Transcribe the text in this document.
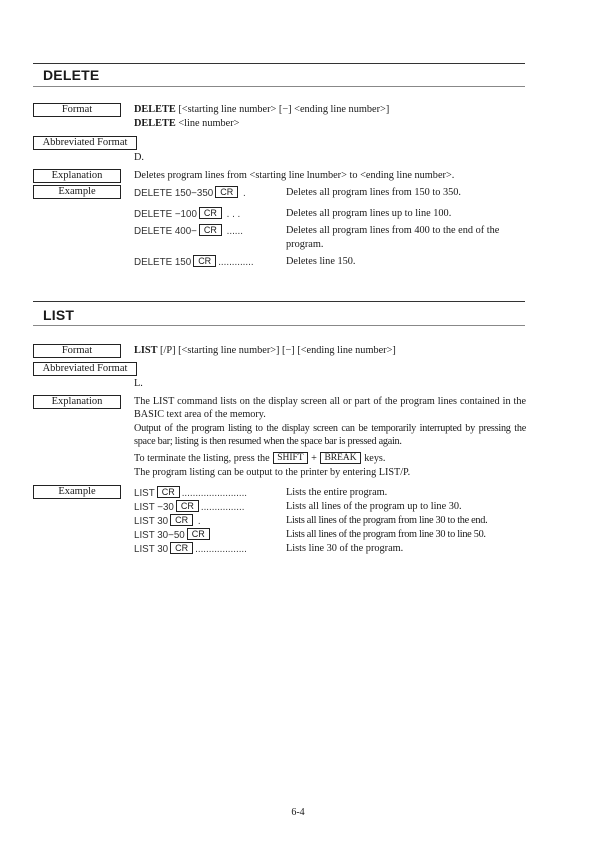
DELETE
Format	DELETE [<starting line number> [−] <ending line number>]
DELETE <line number>
Abbreviated Format
D.
Explanation	Deletes program lines from <starting line lnumber> to <ending line number>.
Example	DELETE 150−350 CR .	Deletes all program lines from 150 to 350.
DELETE −100 CR . . .	Deletes all program lines up to line 100.
DELETE 400− CR ......	Deletes all program lines from 400 to the end of the program.
DELETE 150 CR .............	Deletes line 150.
LIST
Format	LIST [/P] [<starting line number>] [−] [<ending line number>]
Abbreviated Format
L.
Explanation	The LIST command lists on the display screen all or part of the program lines contained in the BASIC text area of the memory.
Output of the program listing to the display screen can be temporarily interrupted by pressing the space bar; listing is then resumed when the space bar is pressed again.
To terminate the listing, press the SHIFT + BREAK keys.
The program listing can be output to the printer by entering LIST/P.
Example	LIST CR ........................	Lists the entire program.
LIST −30 CR ................	Lists all lines of the program up to line 30.
LIST 30 CR .	Lists all lines of the program from line 30 to the end.
LIST 30−50 CR	Lists all lines of the program from line 30 to line 50.
LIST 30 CR ...................	Lists line 30 of the program.
6-4
